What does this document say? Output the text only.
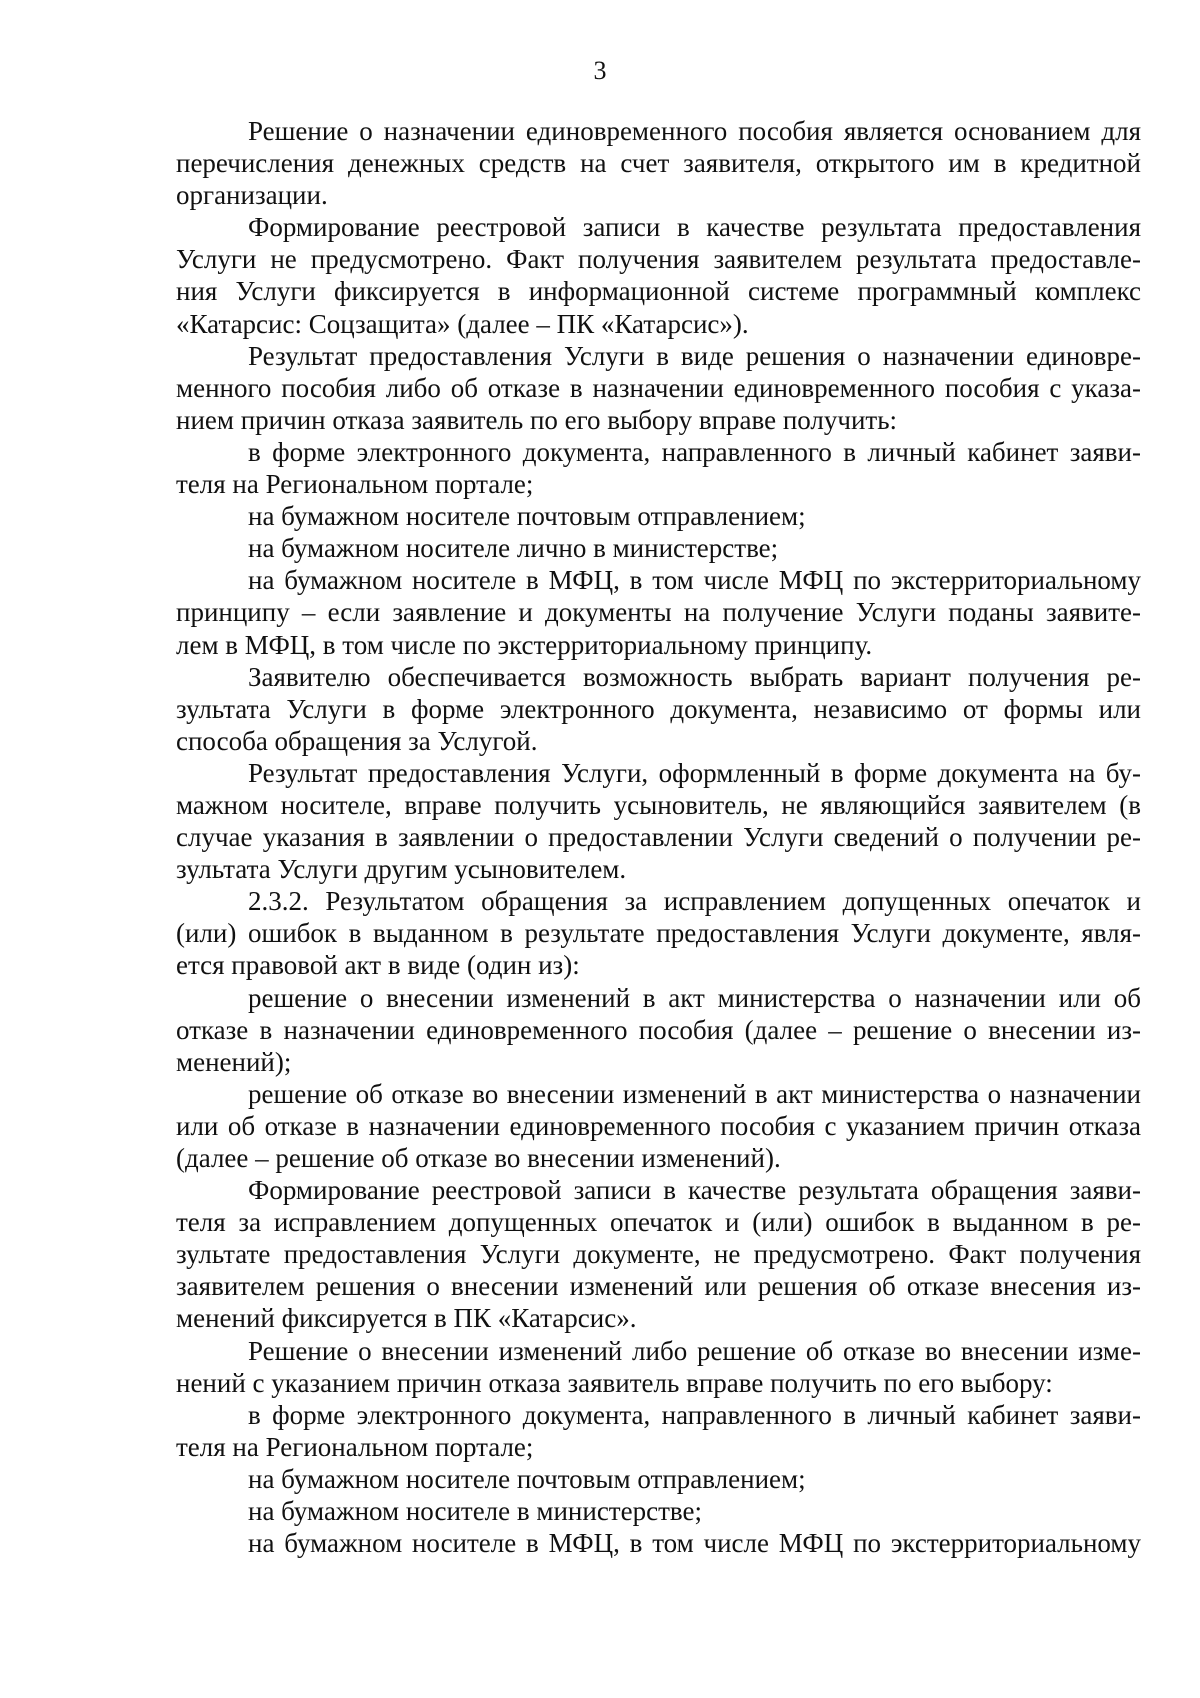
3
Решение о назначении единовременного пособия является основанием для
перечисления денежных средств на счет заявителя, открытого им в кредитной
организации.
Формирование реестровой записи в качестве результата предоставления
Услуги не предусмотрено. Факт получения заявителем результата предоставле-
ния Услуги фиксируется в информационной системе программный комплекс
«Катарсис: Соцзащита» (далее – ПК «Катарсис»).
Результат предоставления Услуги в виде решения о назначении единовре-
менного пособия либо об отказе в назначении единовременного пособия с указа-
нием причин отказа заявитель по его выбору вправе получить:
в форме электронного документа, направленного в личный кабинет заяви-
теля на Региональном портале;
на бумажном носителе почтовым отправлением;
на бумажном носителе лично в министерстве;
на бумажном носителе в МФЦ, в том числе МФЦ по экстерриториальному
принципу – если заявление и документы на получение Услуги поданы заявите-
лем в МФЦ, в том числе по экстерриториальному принципу.
Заявителю обеспечивается возможность выбрать вариант получения ре-
зультата Услуги в форме электронного документа, независимо от формы или
способа обращения за Услугой.
Результат предоставления Услуги, оформленный в форме документа на бу-
мажном носителе, вправе получить усыновитель, не являющийся заявителем (в
случае указания в заявлении о предоставлении Услуги сведений о получении ре-
зультата Услуги другим усыновителем.
2.3.2. Результатом обращения за исправлением допущенных опечаток и
(или) ошибок в выданном в результате предоставления Услуги документе, явля-
ется правовой акт в виде (один из):
решение о внесении изменений в акт министерства о назначении или об
отказе в назначении единовременного пособия (далее – решение о внесении из-
менений);
решение об отказе во внесении изменений в акт министерства о назначении
или об отказе в назначении единовременного пособия с указанием причин отказа
(далее – решение об отказе во внесении изменений).
Формирование реестровой записи в качестве результата обращения заяви-
теля за исправлением допущенных опечаток и (или) ошибок в выданном в ре-
зультате предоставления Услуги документе, не предусмотрено. Факт получения
заявителем решения о внесении изменений или решения об отказе внесения из-
менений фиксируется в ПК «Катарсис».
Решение о внесении изменений либо решение об отказе во внесении изме-
нений с указанием причин отказа заявитель вправе получить по его выбору:
в форме электронного документа, направленного в личный кабинет заяви-
теля на Региональном портале;
на бумажном носителе почтовым отправлением;
на бумажном носителе в министерстве;
на бумажном носителе в МФЦ, в том числе МФЦ по экстерриториальному
